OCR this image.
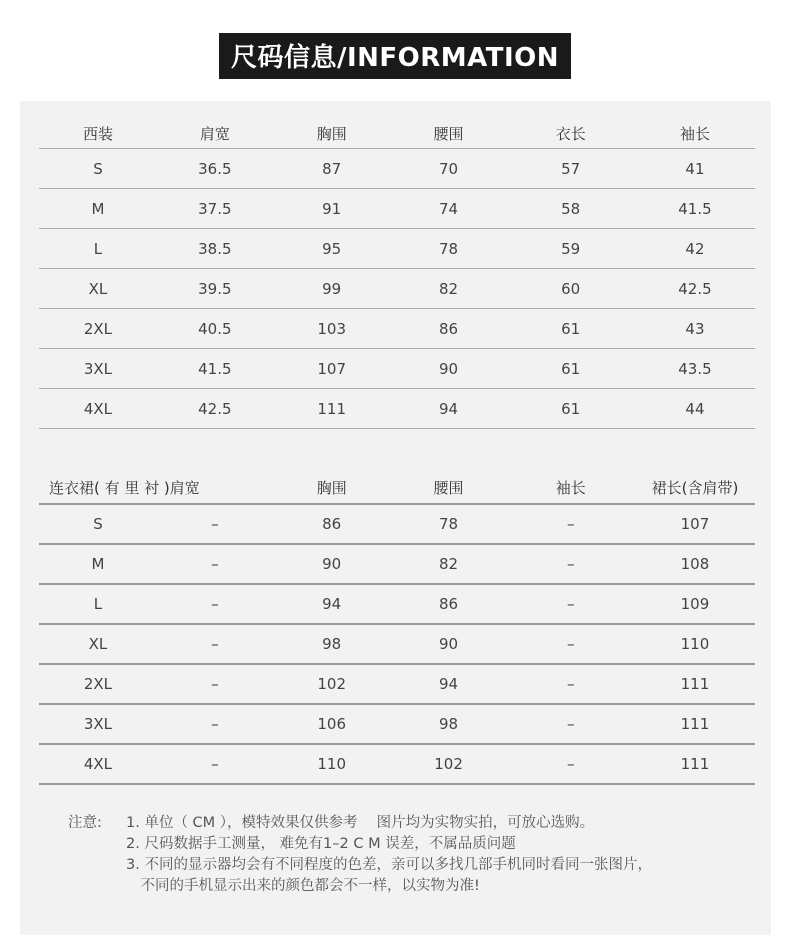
尺码信息/INFORMATION
西装	肩宽	胸围	腰围	衣长	袖长
S	36.5	87	70	57	41
M	37.5	91	74	58	41.5
L	38.5	95	78	59	42
XL	39.5	99	82	60	42.5
2XL	40.5	103	86	61	43
3XL	41.5	107	90	61	43.5
4XL	42.5	111	94	61	44
连衣裙( 有 里 衬 )肩宽		胸围	腰围	袖长	裙长(含肩带)
S	–	86	78	–	107
M	–	90	82	–	108
L	–	94	86	–	109
XL	–	98	90	–	110
2XL	–	102	94	–	111
3XL	–	106	98	–	111
4XL	–	110	102	–	111
注意:	1. 单位（ CM ），模特效果仅供参考　 图片均为实物实拍，可放心选购。
2. 尺码数据手工测量， 难免有1–2 C M 误差，不属品质问题
3. 不同的显示器均会有不同程度的色差，亲可以多找几部手机同时看同一张图片，
　不同的手机显示出来的颜色都会不一样，以实物为准!
